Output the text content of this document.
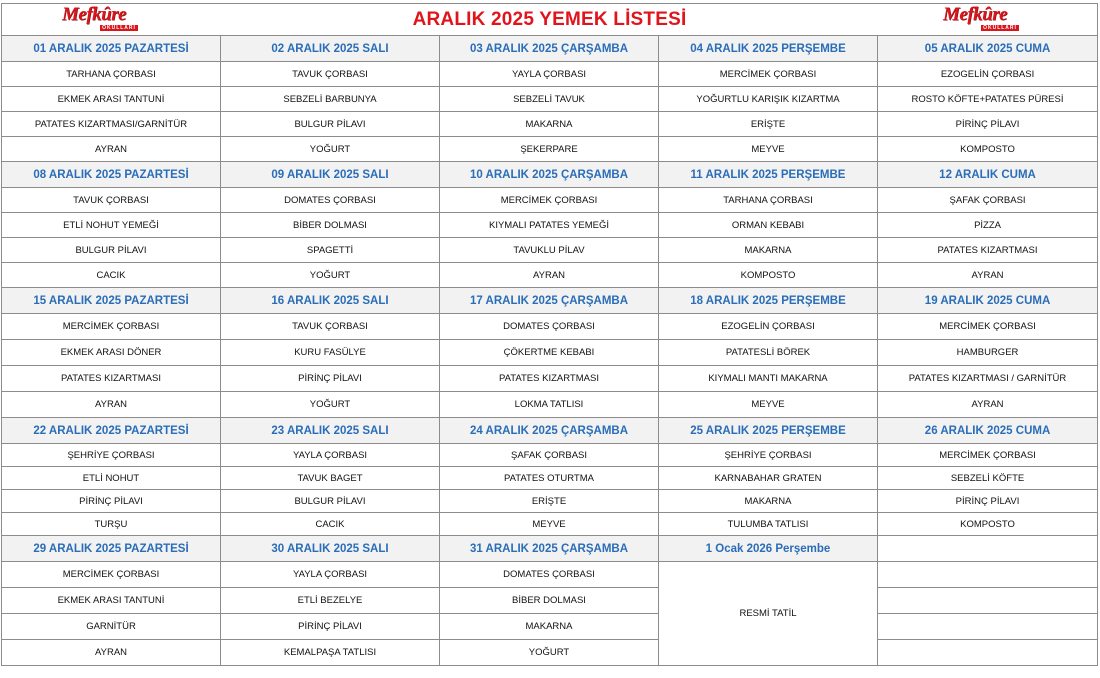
ARALIK 2025 YEMEK LİSTESİ				
01 ARALIK 2025 PAZARTESİ	02 ARALIK 2025 SALI	03 ARALIK 2025 ÇARŞAMBA	04 ARALIK 2025 PERŞEMBE	05 ARALIK 2025 CUMA
TARHANA ÇORBASI	TAVUK ÇORBASI	YAYLA ÇORBASI	MERCİMEK ÇORBASI	EZOGELİN ÇORBASI
EKMEK ARASI TANTUNİ	SEBZELİ BARBUNYA	SEBZELİ TAVUK	YOĞURTLU KARIŞIK KIZARTMA	ROSTO KÖFTE+PATATES PÜRESİ
PATATES KIZARTMASI/GARNİTÜR	BULGUR PİLAVI	MAKARNA	ERİŞTE	PİRİNÇ PİLAVI
AYRAN	YOĞURT	ŞEKERPARE	MEYVE	KOMPOSTO
08 ARALIK 2025 PAZARTESİ	09 ARALIK 2025 SALI	10 ARALIK 2025 ÇARŞAMBA	11 ARALIK 2025 PERŞEMBE	12 ARALIK CUMA
TAVUK ÇORBASI	DOMATES ÇORBASI	MERCİMEK ÇORBASI	TARHANA ÇORBASI	ŞAFAK ÇORBASI
ETLİ NOHUT YEMEĞİ	BİBER DOLMASI	KIYMALI PATATES YEMEĞİ	ORMAN KEBABI	PİZZA
BULGUR PİLAVI	SPAGETTİ	TAVUKLU PİLAV	MAKARNA	PATATES KIZARTMASI
CACIK	YOĞURT	AYRAN	KOMPOSTO	AYRAN
15 ARALIK 2025 PAZARTESİ	16 ARALIK 2025 SALI	17 ARALIK 2025 ÇARŞAMBA	18 ARALIK 2025 PERŞEMBE	19 ARALIK 2025 CUMA
MERCİMEK ÇORBASI	TAVUK ÇORBASI	DOMATES ÇORBASI	EZOGELİN ÇORBASI	MERCİMEK ÇORBASI
EKMEK ARASI DÖNER	KURU FASÜLYE	ÇÖKERTME KEBABI	PATATESLİ BÖREK	HAMBURGER
PATATES KIZARTMASI	PİRİNÇ PİLAVI	PATATES KIZARTMASI	KIYMALI MANTI MAKARNA	PATATES KIZARTMASI / GARNİTÜR
AYRAN	YOĞURT	LOKMA TATLISI	MEYVE	AYRAN
22 ARALIK 2025 PAZARTESİ	23 ARALIK 2025 SALI	24 ARALIK 2025 ÇARŞAMBA	25 ARALIK 2025 PERŞEMBE	26 ARALIK 2025 CUMA
ŞEHRİYE ÇORBASI	YAYLA ÇORBASI	ŞAFAK ÇORBASI	ŞEHRİYE ÇORBASI	MERCİMEK ÇORBASI
ETLİ NOHUT	TAVUK BAGET	PATATES OTURTMA	KARNABAHAR GRATEN	SEBZELİ KÖFTE
PİRİNÇ PİLAVI	BULGUR PİLAVI	ERİŞTE	MAKARNA	PİRİNÇ PİLAVI
TURŞU	CACIK	MEYVE	TULUMBA TATLISI	KOMPOSTO
29 ARALIK 2025 PAZARTESİ	30 ARALIK 2025 SALI	31 ARALIK 2025 ÇARŞAMBA	1 Ocak 2026 Perşembe	
MERCİMEK ÇORBASI	YAYLA ÇORBASI	DOMATES ÇORBASI	RESMİ TATİL	
EKMEK ARASI TANTUNİ	ETLİ BEZELYE	BİBER DOLMASI		
GARNİTÜR	PİRİNÇ PİLAVI	MAKARNA		
AYRAN	KEMALPAŞA TATLISI	YOĞURT		
Mefkûre
OKULLARI
Mefkûre
OKULLARI
